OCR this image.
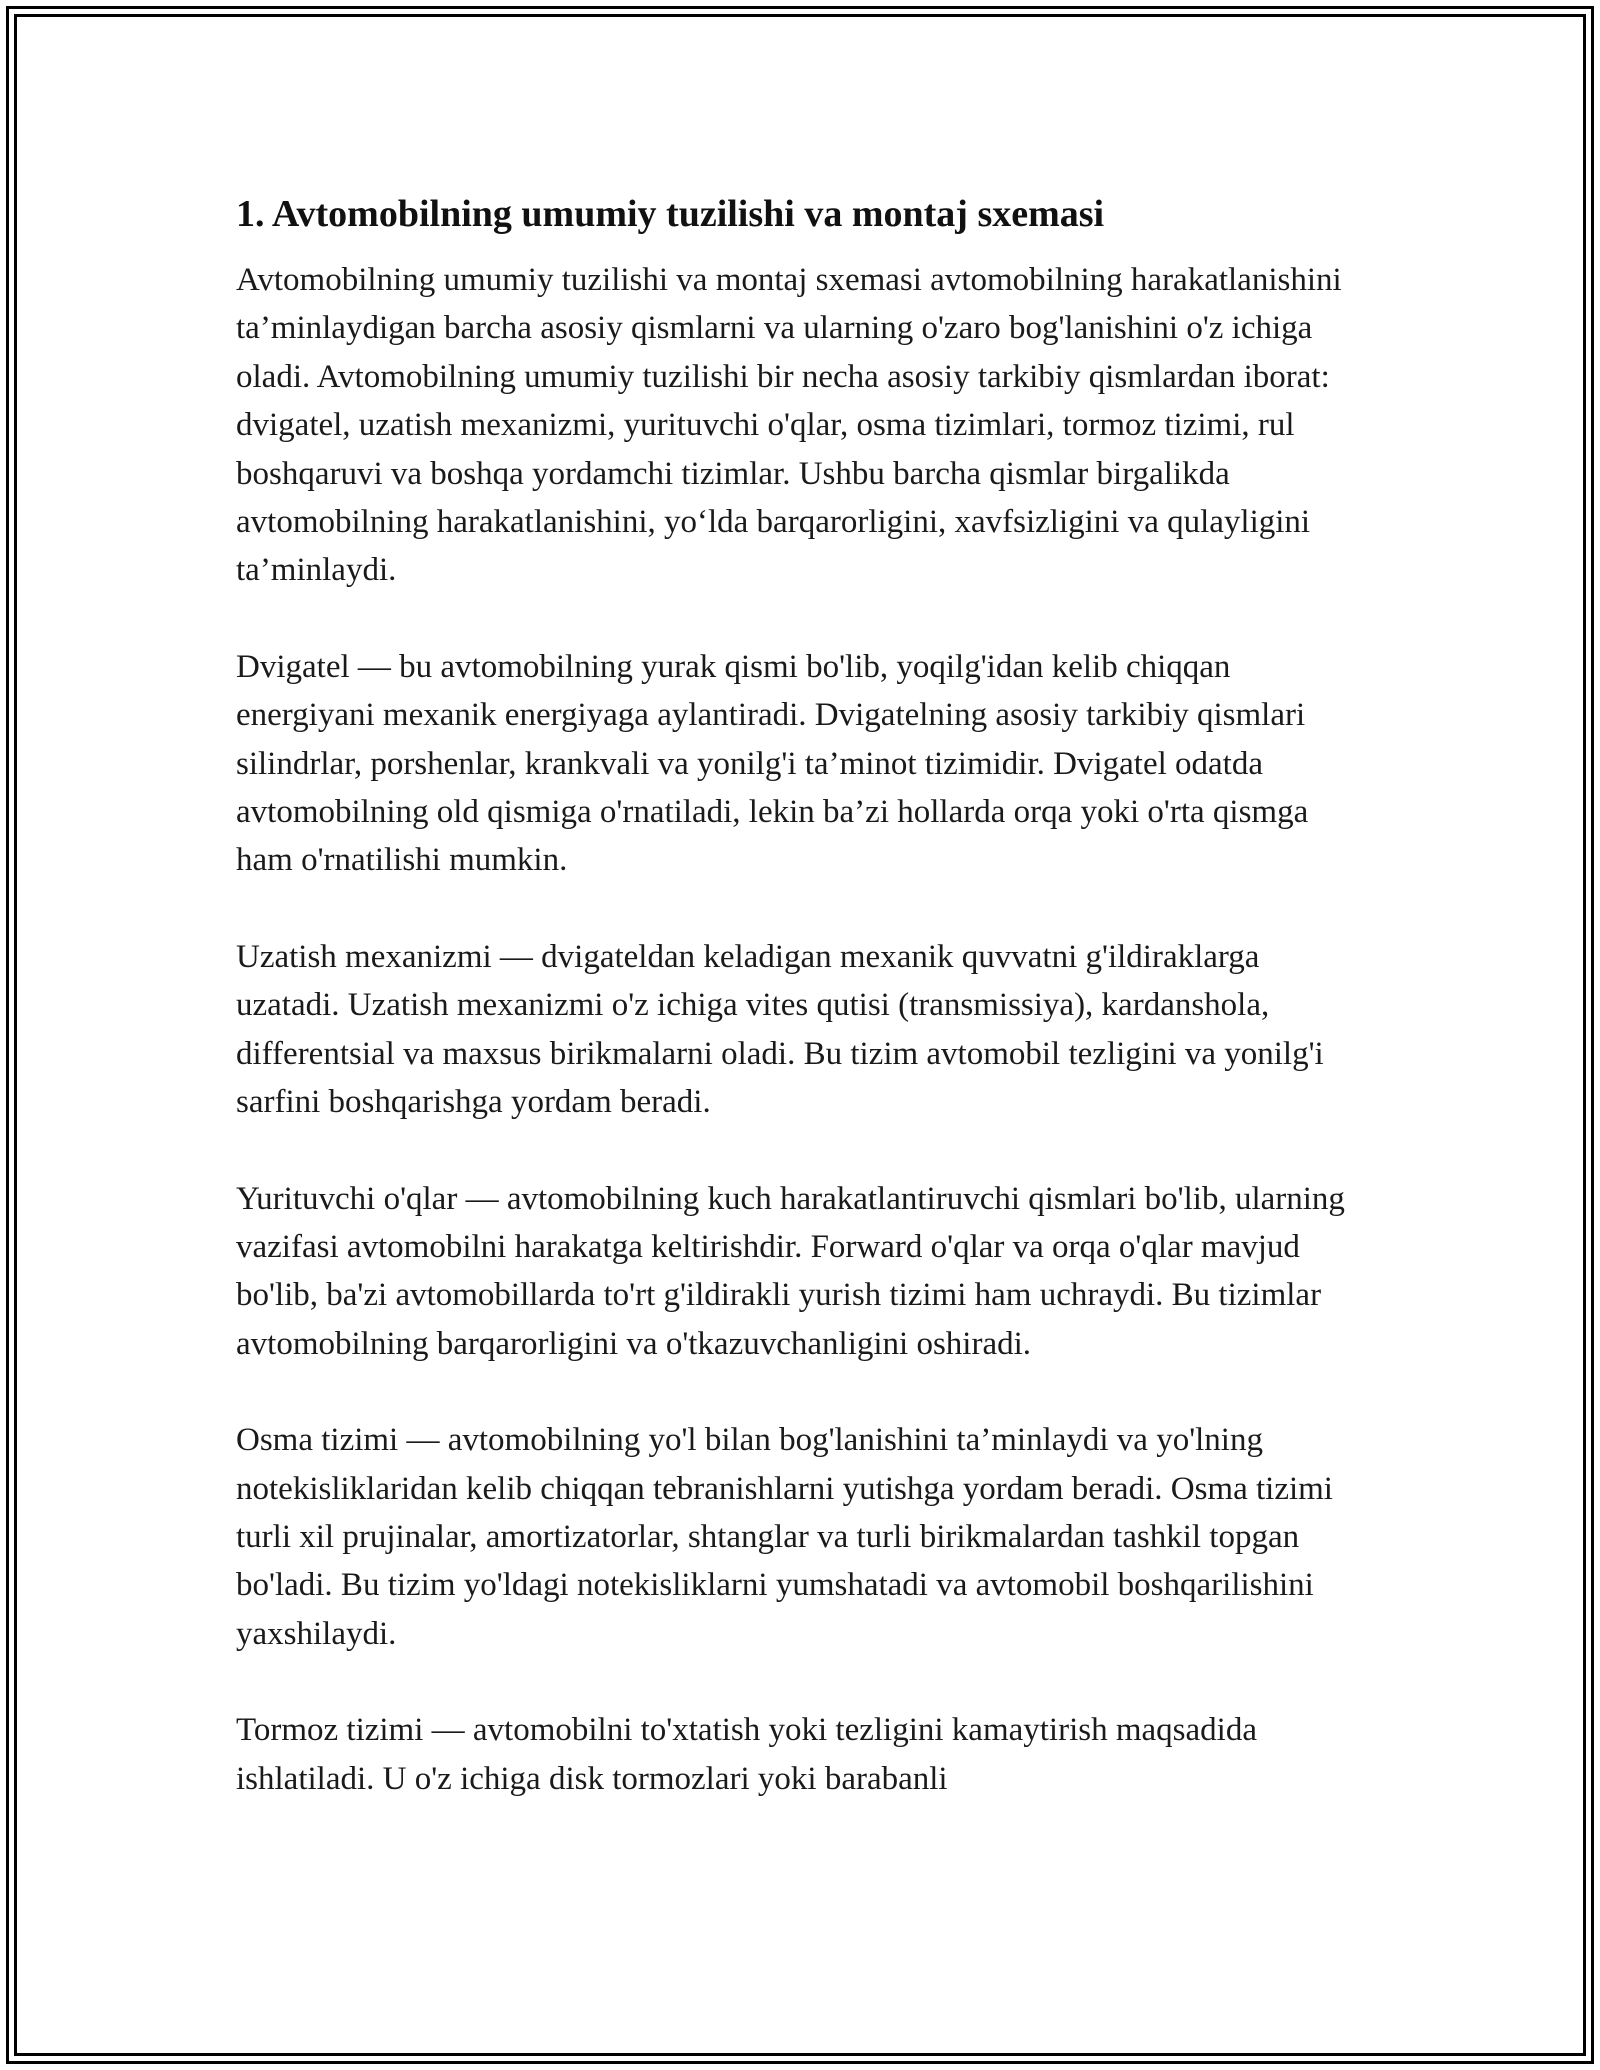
1. Avtomobilning umumiy tuzilishi va montaj sxemasi

Avtomobilning umumiy tuzilishi va montaj sxemasi avtomobilning harakatlanishini ta’minlaydigan barcha asosiy qismlarni va ularning o'zaro bog'lanishini o'z ichiga oladi. Avtomobilning umumiy tuzilishi bir necha asosiy tarkibiy qismlardan iborat: dvigatel, uzatish mexanizmi, yurituvchi o'qlar, osma tizimlari, tormoz tizimi, rul boshqaruvi va boshqa yordamchi tizimlar. Ushbu barcha qismlar birgalikda avtomobilning harakatlanishini, yo‘lda barqarorligini, xavfsizligini va qulayligini ta’minlaydi.

Dvigatel — bu avtomobilning yurak qismi bo'lib, yoqilg'idan kelib chiqqan energiyani mexanik energiyaga aylantiradi. Dvigatelning asosiy tarkibiy qismlari silindrlar, porshenlar, krankvali va yonilg'i ta’minot tizimidir. Dvigatel odatda avtomobilning old qismiga o'rnatiladi, lekin ba’zi hollarda orqa yoki o'rta qismga ham o'rnatilishi mumkin.

Uzatish mexanizmi — dvigateldan keladigan mexanik quvvatni g'ildiraklarga uzatadi. Uzatish mexanizmi o'z ichiga vites qutisi (transmissiya), kardanshola, differentsial va maxsus birikmalarni oladi. Bu tizim avtomobil tezligini va yonilg'i sarfini boshqarishga yordam beradi.

Yurituvchi o'qlar — avtomobilning kuch harakatlantiruvchi qismlari bo'lib, ularning vazifasi avtomobilni harakatga keltirishdir. Forward o'qlar va orqa o'qlar mavjud bo'lib, ba'zi avtomobillarda to'rt g'ildirakli yurish tizimi ham uchraydi. Bu tizimlar avtomobilning barqarorligini va o'tkazuvchanligini oshiradi.

Osma tizimi — avtomobilning yo'l bilan bog'lanishini ta’minlaydi va yo'lning notekisliklaridan kelib chiqqan tebranishlarni yutishga yordam beradi. Osma tizimi turli xil prujinalar, amortizatorlar, shtanglar va turli birikmalardan tashkil topgan bo'ladi. Bu tizim yo'ldagi notekisliklarni yumshatadi va avtomobil boshqarilishini yaxshilaydi.

Tormoz tizimi — avtomobilni to'xtatish yoki tezligini kamaytirish maqsadida ishlatiladi. U o'z ichiga disk tormozlari yoki barabanli
